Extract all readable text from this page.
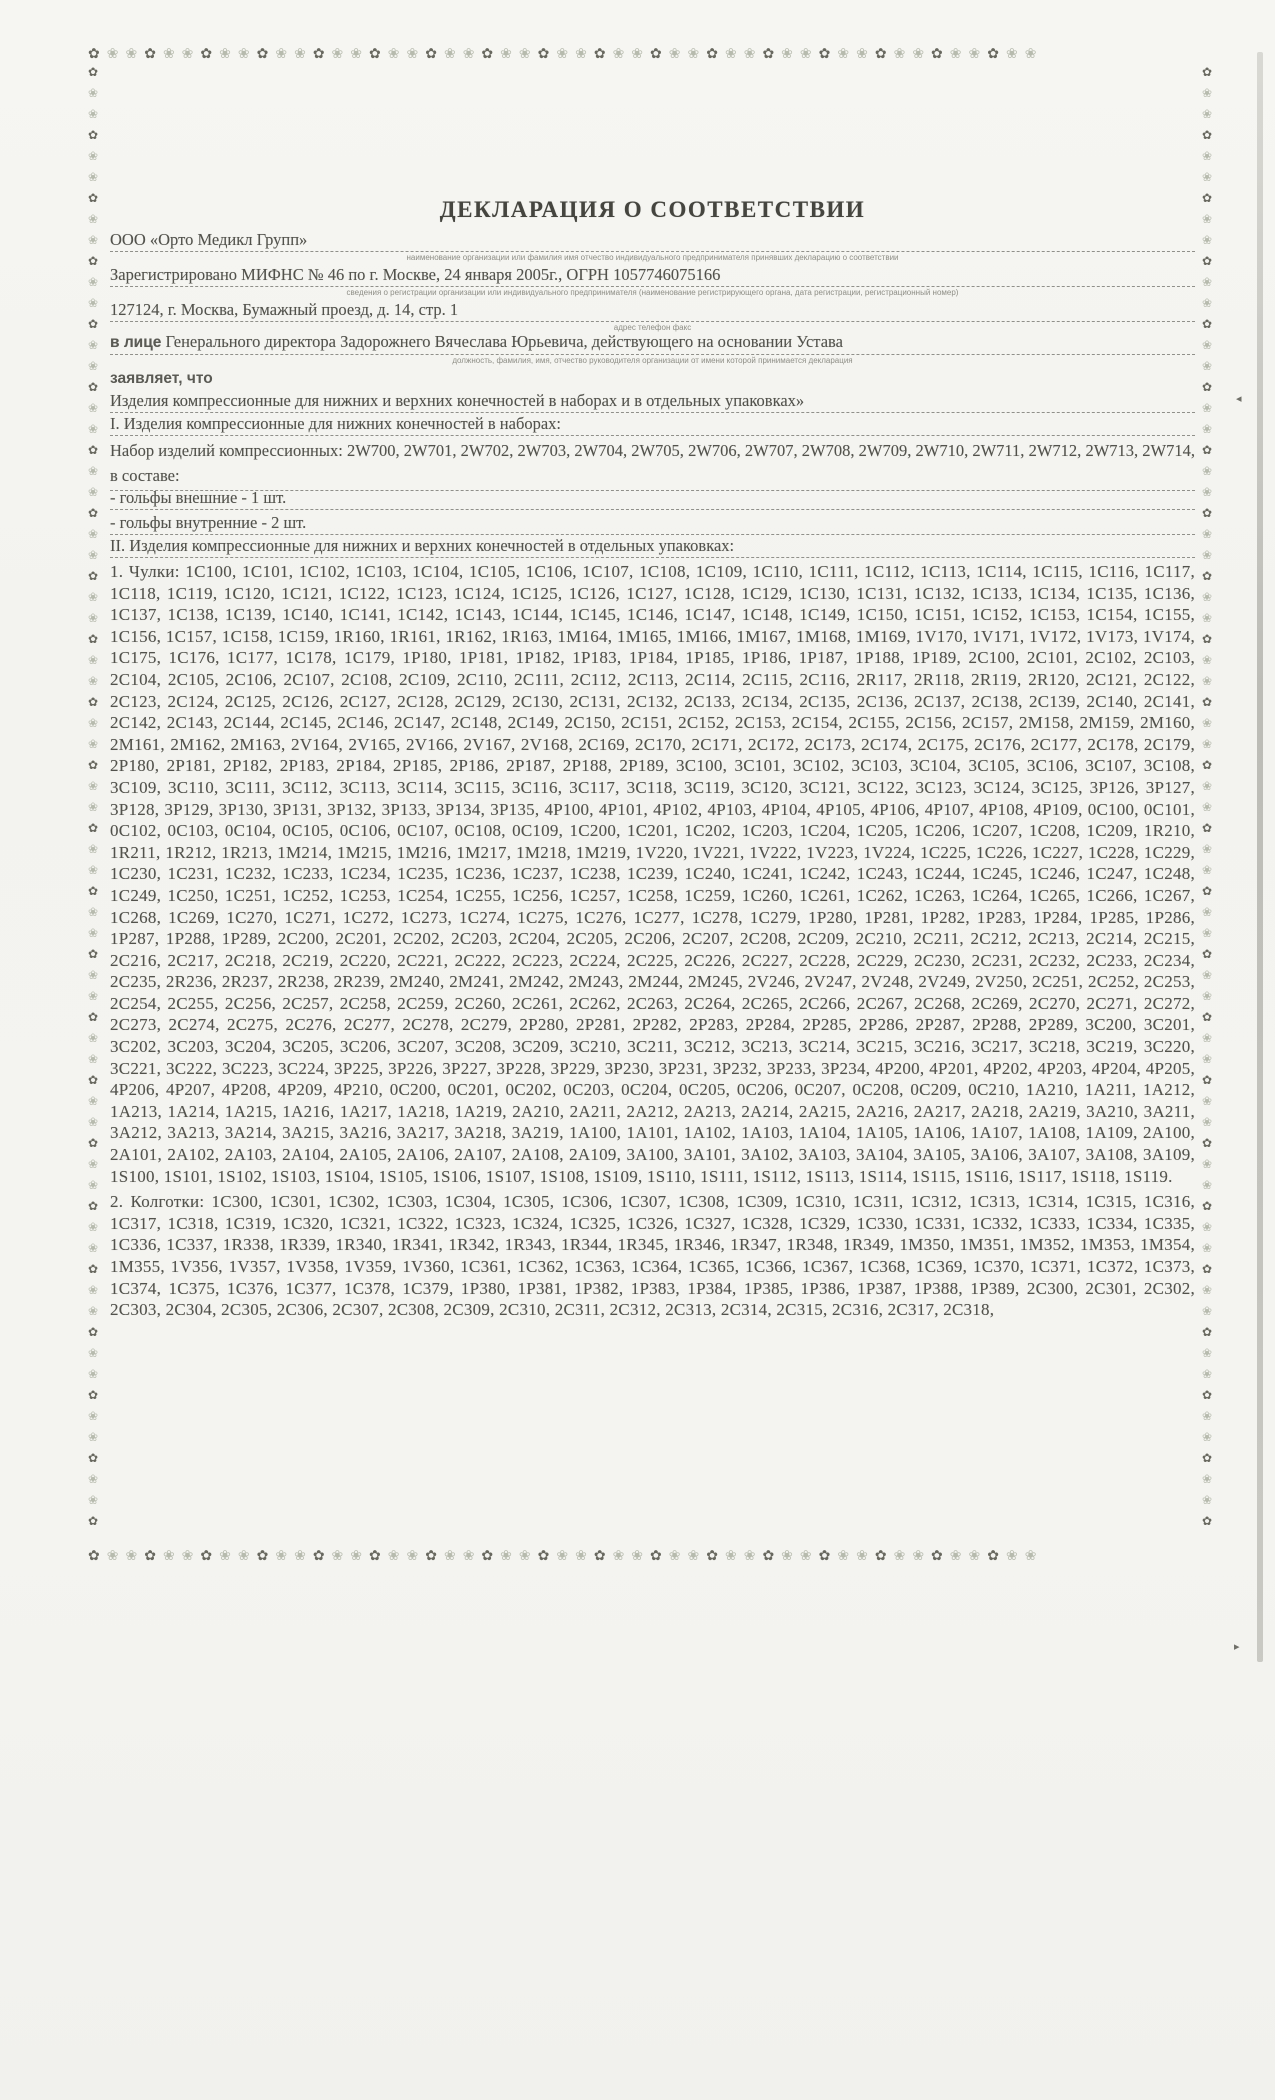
✿❀❀✿❀❀✿❀❀✿❀❀✿❀❀✿❀❀✿❀❀✿❀❀✿❀❀✿❀❀✿❀❀✿❀❀✿❀❀✿❀❀✿❀❀✿❀❀✿❀❀
✿❀❀✿❀❀✿❀❀✿❀❀✿❀❀✿❀❀✿❀❀✿❀❀✿❀❀✿❀❀✿❀❀✿❀❀✿❀❀✿❀❀✿❀❀✿❀❀✿❀❀
✿
❀
❀
✿
❀
❀
✿
❀
❀
✿
❀
❀
✿
❀
❀
✿
❀
❀
✿
❀
❀
✿
❀
❀
✿
❀
❀
✿
❀
❀
✿
❀
❀
✿
❀
❀
✿
❀
❀
✿
❀
❀
✿
❀
❀
✿
❀
❀
✿
❀
❀
✿
❀
❀
✿
❀
❀
✿
❀
❀
✿
❀
❀
✿
❀
❀
✿
❀
❀
✿
✿
❀
❀
✿
❀
❀
✿
❀
❀
✿
❀
❀
✿
❀
❀
✿
❀
❀
✿
❀
❀
✿
❀
❀
✿
❀
❀
✿
❀
❀
✿
❀
❀
✿
❀
❀
✿
❀
❀
✿
❀
❀
✿
❀
❀
✿
❀
❀
✿
❀
❀
✿
❀
❀
✿
❀
❀
✿
❀
❀
✿
❀
❀
✿
❀
❀
✿
❀
❀
✿
◂
▸
ДЕКЛАРАЦИЯ О СООТВЕТСТВИИ
ООО «Орто Медикл Групп»
наименование организации или фамилия имя отчество индивидуального предпринимателя принявших декларацию о соответствии
Зарегистрировано МИФНС № 46 по г. Москве, 24 января 2005г., ОГРН 1057746075166
сведения о регистрации организации или индивидуального предпринимателя (наименование регистрирующего органа, дата регистрации, регистрационный номер)
127124, г. Москва, Бумажный проезд, д. 14, стр. 1
адрес телефон факс
в лице Генерального директора Задорожнего Вячеслава Юрьевича, действующего на основании Устава
должность, фамилия, имя, отчество руководителя организации от имени которой принимается декларация
заявляет, что
Изделия компрессионные для нижних и верхних конечностей в наборах и в отдельных упаковках»
I. Изделия компрессионные для нижних конечностей в наборах:
Набор изделий компрессионных: 2W700, 2W701, 2W702, 2W703, 2W704, 2W705, 2W706, 2W707, 2W708, 2W709, 2W710, 2W711, 2W712, 2W713, 2W714, в составе:
- гольфы внешние - 1 шт.
- гольфы внутренние - 2 шт.
II. Изделия компрессионные для нижних и верхних конечностей в отдельных упаковках:

1. Чулки: 1C100, 1C101, 1C102, 1C103, 1C104, 1C105, 1C106, 1C107, 1C108, 1C109, 1C110, 1C111, 1C112, 1C113, 1C114, 1C115, 1C116, 1C117, 1C118, 1C119, 1C120, 1C121, 1C122, 1C123, 1C124, 1C125, 1C126, 1C127, 1C128, 1C129, 1C130, 1C131, 1C132, 1C133, 1C134, 1C135, 1C136, 1C137, 1C138, 1C139, 1C140, 1C141, 1C142, 1C143, 1C144, 1C145, 1C146, 1C147, 1C148, 1C149, 1C150, 1C151, 1C152, 1C153, 1C154, 1C155, 1C156, 1C157, 1C158, 1C159, 1R160, 1R161, 1R162, 1R163, 1M164, 1M165, 1M166, 1M167, 1M168, 1M169, 1V170, 1V171, 1V172, 1V173, 1V174, 1C175, 1C176, 1C177, 1C178, 1C179, 1P180, 1P181, 1P182, 1P183, 1P184, 1P185, 1P186, 1P187, 1P188, 1P189, 2C100, 2C101, 2C102, 2C103, 2C104, 2C105, 2C106, 2C107, 2C108, 2C109, 2C110, 2C111, 2C112, 2C113, 2C114, 2C115, 2C116, 2R117, 2R118, 2R119, 2R120, 2C121, 2C122, 2C123, 2C124, 2C125, 2C126, 2C127, 2C128, 2C129, 2C130, 2C131, 2C132, 2C133, 2C134, 2C135, 2C136, 2C137, 2C138, 2C139, 2C140, 2C141, 2C142, 2C143, 2C144, 2C145, 2C146, 2C147, 2C148, 2C149, 2C150, 2C151, 2C152, 2C153, 2C154, 2C155, 2C156, 2C157, 2M158, 2M159, 2M160, 2M161, 2M162, 2M163, 2V164, 2V165, 2V166, 2V167, 2V168, 2C169, 2C170, 2C171, 2C172, 2C173, 2C174, 2C175, 2C176, 2C177, 2C178, 2C179, 2P180, 2P181, 2P182, 2P183, 2P184, 2P185, 2P186, 2P187, 2P188, 2P189, 3C100, 3C101, 3C102, 3C103, 3C104, 3C105, 3C106, 3C107, 3C108, 3C109, 3C110, 3C111, 3C112, 3C113, 3C114, 3C115, 3C116, 3C117, 3C118, 3C119, 3C120, 3C121, 3C122, 3C123, 3C124, 3C125, 3P126, 3P127, 3P128, 3P129, 3P130, 3P131, 3P132, 3P133, 3P134, 3P135, 4P100, 4P101, 4P102, 4P103, 4P104, 4P105, 4P106, 4P107, 4P108, 4P109, 0C100, 0C101, 0C102, 0C103, 0C104, 0C105, 0C106, 0C107, 0C108, 0C109, 1C200, 1C201, 1C202, 1C203, 1C204, 1C205, 1C206, 1C207, 1C208, 1C209, 1R210, 1R211, 1R212, 1R213, 1M214, 1M215, 1M216, 1M217, 1M218, 1M219, 1V220, 1V221, 1V222, 1V223, 1V224, 1C225, 1C226, 1C227, 1C228, 1C229, 1C230, 1C231, 1C232, 1C233, 1C234, 1C235, 1C236, 1C237, 1C238, 1C239, 1C240, 1C241, 1C242, 1C243, 1C244, 1C245, 1C246, 1C247, 1C248, 1C249, 1C250, 1C251, 1C252, 1C253, 1C254, 1C255, 1C256, 1C257, 1C258, 1C259, 1C260, 1C261, 1C262, 1C263, 1C264, 1C265, 1C266, 1C267, 1C268, 1C269, 1C270, 1C271, 1C272, 1C273, 1C274, 1C275, 1C276, 1C277, 1C278, 1C279, 1P280, 1P281, 1P282, 1P283, 1P284, 1P285, 1P286, 1P287, 1P288, 1P289, 2C200, 2C201, 2C202, 2C203, 2C204, 2C205, 2C206, 2C207, 2C208, 2C209, 2C210, 2C211, 2C212, 2C213, 2C214, 2C215, 2C216, 2C217, 2C218, 2C219, 2C220, 2C221, 2C222, 2C223, 2C224, 2C225, 2C226, 2C227, 2C228, 2C229, 2C230, 2C231, 2C232, 2C233, 2C234, 2C235, 2R236, 2R237, 2R238, 2R239, 2M240, 2M241, 2M242, 2M243, 2M244, 2M245, 2V246, 2V247, 2V248, 2V249, 2V250, 2C251, 2C252, 2C253, 2C254, 2C255, 2C256, 2C257, 2C258, 2C259, 2C260, 2C261, 2C262, 2C263, 2C264, 2C265, 2C266, 2C267, 2C268, 2C269, 2C270, 2C271, 2C272, 2C273, 2C274, 2C275, 2C276, 2C277, 2C278, 2C279, 2P280, 2P281, 2P282, 2P283, 2P284, 2P285, 2P286, 2P287, 2P288, 2P289, 3C200, 3C201, 3C202, 3C203, 3C204, 3C205, 3C206, 3C207, 3C208, 3C209, 3C210, 3C211, 3C212, 3C213, 3C214, 3C215, 3C216, 3C217, 3C218, 3C219, 3C220, 3C221, 3C222, 3C223, 3C224, 3P225, 3P226, 3P227, 3P228, 3P229, 3P230, 3P231, 3P232, 3P233, 3P234, 4P200, 4P201, 4P202, 4P203, 4P204, 4P205, 4P206, 4P207, 4P208, 4P209, 4P210, 0C200, 0C201, 0C202, 0C203, 0C204, 0C205, 0C206, 0C207, 0C208, 0C209, 0C210, 1A210, 1A211, 1A212, 1A213, 1A214, 1A215, 1A216, 1A217, 1A218, 1A219, 2A210, 2A211, 2A212, 2A213, 2A214, 2A215, 2A216, 2A217, 2A218, 2A219, 3A210, 3A211, 3A212, 3A213, 3A214, 3A215, 3A216, 3A217, 3A218, 3A219, 1A100, 1A101, 1A102, 1A103, 1A104, 1A105, 1A106, 1A107, 1A108, 1A109, 2A100, 2A101, 2A102, 2A103, 2A104, 2A105, 2A106, 2A107, 2A108, 2A109, 3A100, 3A101, 3A102, 3A103, 3A104, 3A105, 3A106, 3A107, 3A108, 3A109, 1S100, 1S101, 1S102, 1S103, 1S104, 1S105, 1S106, 1S107, 1S108, 1S109, 1S110, 1S111, 1S112, 1S113, 1S114, 1S115, 1S116, 1S117, 1S118, 1S119.

2. Колготки: 1C300, 1C301, 1C302, 1C303, 1C304, 1C305, 1C306, 1C307, 1C308, 1C309, 1C310, 1C311, 1C312, 1C313, 1C314, 1C315, 1C316, 1C317, 1C318, 1C319, 1C320, 1C321, 1C322, 1C323, 1C324, 1C325, 1C326, 1C327, 1C328, 1C329, 1C330, 1C331, 1C332, 1C333, 1C334, 1C335, 1C336, 1C337, 1R338, 1R339, 1R340, 1R341, 1R342, 1R343, 1R344, 1R345, 1R346, 1R347, 1R348, 1R349, 1M350, 1M351, 1M352, 1M353, 1M354, 1M355, 1V356, 1V357, 1V358, 1V359, 1V360, 1C361, 1C362, 1C363, 1C364, 1C365, 1C366, 1C367, 1C368, 1C369, 1C370, 1C371, 1C372, 1C373, 1C374, 1C375, 1C376, 1C377, 1C378, 1C379, 1P380, 1P381, 1P382, 1P383, 1P384, 1P385, 1P386, 1P387, 1P388, 1P389, 2C300, 2C301, 2C302, 2C303, 2C304, 2C305, 2C306, 2C307, 2C308, 2C309, 2C310, 2C311, 2C312, 2C313, 2C314, 2C315, 2C316, 2C317, 2C318,
